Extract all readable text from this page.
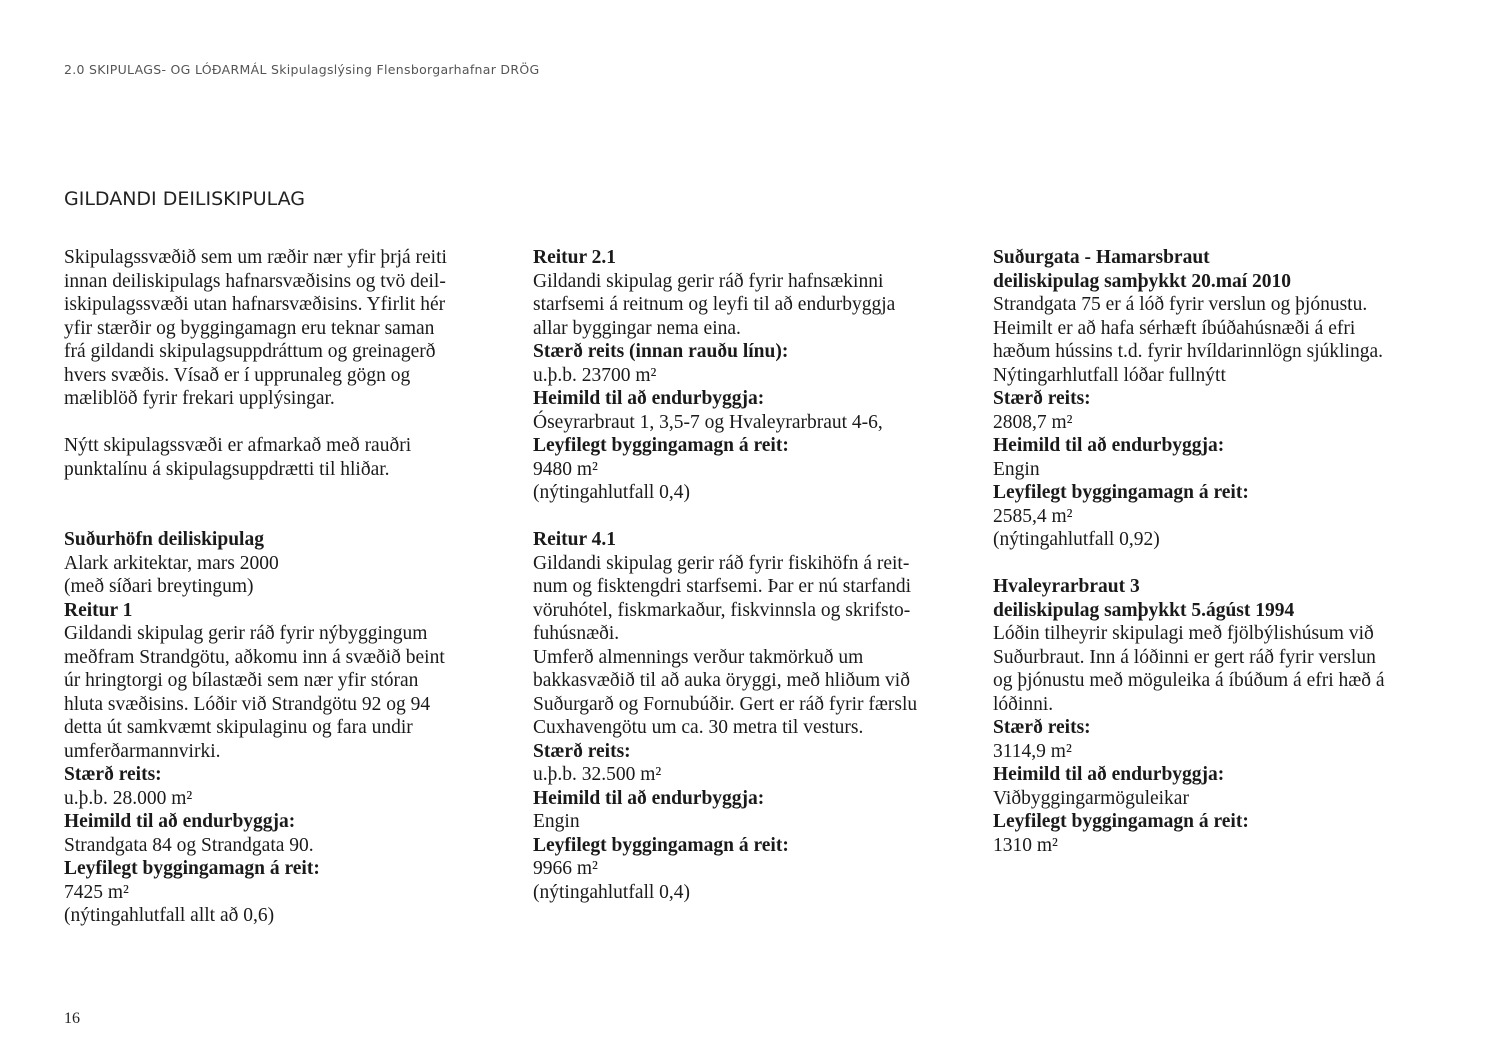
2.0 SKIPULAGS- OG LÓÐARMÁL Skipulagslýsing Flensborgarhafnar DRÖG
GILDANDI DEILISKIPULAG
Skipulagssvæðið sem um ræðir nær yfir þrjá reiti
innan deiliskipulags hafnarsvæðisins og tvö deil-
iskipulagssvæði utan hafnarsvæðisins. Yfirlit hér
yfir stærðir og byggingamagn eru teknar saman
frá gildandi skipulagsuppdráttum og greinagerð
hvers svæðis. Vísað er í upprunaleg gögn og
mæliblöð fyrir frekari upplýsingar.
Nýtt skipulagssvæði er afmarkað með rauðri
punktalínu á skipulagsuppdrætti til hliðar.
Suðurhöfn deiliskipulag
Alark arkitektar, mars 2000
(með síðari breytingum)
Reitur 1
Gildandi skipulag gerir ráð fyrir nýbyggingum
meðfram Strandgötu, aðkomu inn á svæðið beint
úr hringtorgi og bílastæði sem nær yfir stóran
hluta svæðisins. Lóðir við Strandgötu 92 og 94
detta út samkvæmt skipulaginu og fara undir
umferðarmannvirki.
Stærð reits:
u.þ.b. 28.000 m²
Heimild til að endurbyggja:
Strandgata 84 og Strandgata 90.
Leyfilegt byggingamagn á reit:
7425 m²
(nýtingahlutfall allt að 0,6)
Reitur 2.1
Gildandi skipulag gerir ráð fyrir hafnsækinni
starfsemi á reitnum og leyfi til að endurbyggja
allar byggingar nema eina.
Stærð reits (innan rauðu línu):
u.þ.b. 23700 m²
Heimild til að endurbyggja:
Óseyrarbraut 1, 3,5-7 og Hvaleyrarbraut 4-6,
Leyfilegt byggingamagn á reit:
9480 m²
(nýtingahlutfall 0,4)
Reitur 4.1
Gildandi skipulag gerir ráð fyrir fiskihöfn á reit-
num og fisktengdri starfsemi. Þar er nú starfandi
vöruhótel, fiskmarkaður, fiskvinnsla og skrifsto-
fuhúsnæði.
Umferð almennings verður takmörkuð um
bakkasvæðið til að auka öryggi, með hliðum við
Suðurgarð og Fornubúðir. Gert er ráð fyrir færslu
Cuxhavengötu um ca. 30 metra til vesturs.
Stærð reits:
u.þ.b. 32.500 m²
Heimild til að endurbyggja:
Engin
Leyfilegt byggingamagn á reit:
9966 m²
(nýtingahlutfall 0,4)
Suðurgata - Hamarsbraut
deiliskipulag samþykkt 20.maí 2010
Strandgata 75 er á lóð fyrir verslun og þjónustu.
Heimilt er að hafa sérhæft íbúðahúsnæði á efri
hæðum hússins t.d. fyrir hvíldarinnlögn sjúklinga.
Nýtingarhlutfall lóðar fullnýtt
Stærð reits:
2808,7 m²
Heimild til að endurbyggja:
Engin
Leyfilegt byggingamagn á reit:
2585,4 m²
(nýtingahlutfall 0,92)
Hvaleyrarbraut 3
deiliskipulag samþykkt 5.ágúst 1994
Lóðin tilheyrir skipulagi með fjölbýlishúsum við
Suðurbraut. Inn á lóðinni er gert ráð fyrir verslun
og þjónustu með möguleika á íbúðum á efri hæð á
lóðinni.
Stærð reits:
3114,9 m²
Heimild til að endurbyggja:
Viðbyggingarmöguleikar
Leyfilegt byggingamagn á reit:
1310 m²
16
